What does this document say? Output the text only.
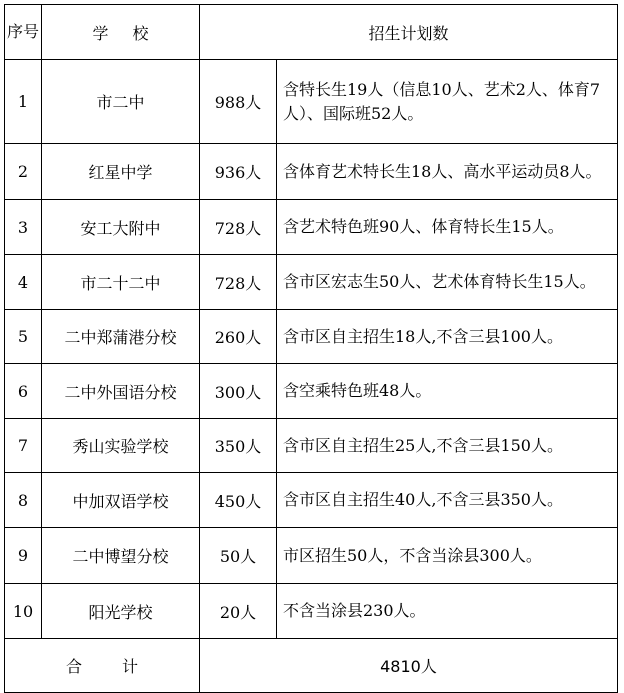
序号	学校	招生计划数	
1	市二中	988人	含特长生19人（信息10人、艺术2人、体育7人）、国际班52人。
2	红星中学	936人	含体育艺术特长生18人、高水平运动员8人。
3	安工大附中	728人	含艺术特色班90人、体育特长生15人。
4	市二十二中	728人	含市区宏志生50人、艺术体育特长生15人。
5	二中郑蒲港分校	260人	含市区自主招生18人,不含三县100人。
6	二中外国语分校	300人	含空乘特色班48人。
7	秀山实验学校	350人	含市区自主招生25人,不含三县150人。
8	中加双语学校	450人	含市区自主招生40人,不含三县350人。
9	二中博望分校	50人	市区招生50人，不含当涂县300人。
10	阳光学校	20人	不含当涂县230人。
合计		4810人	
